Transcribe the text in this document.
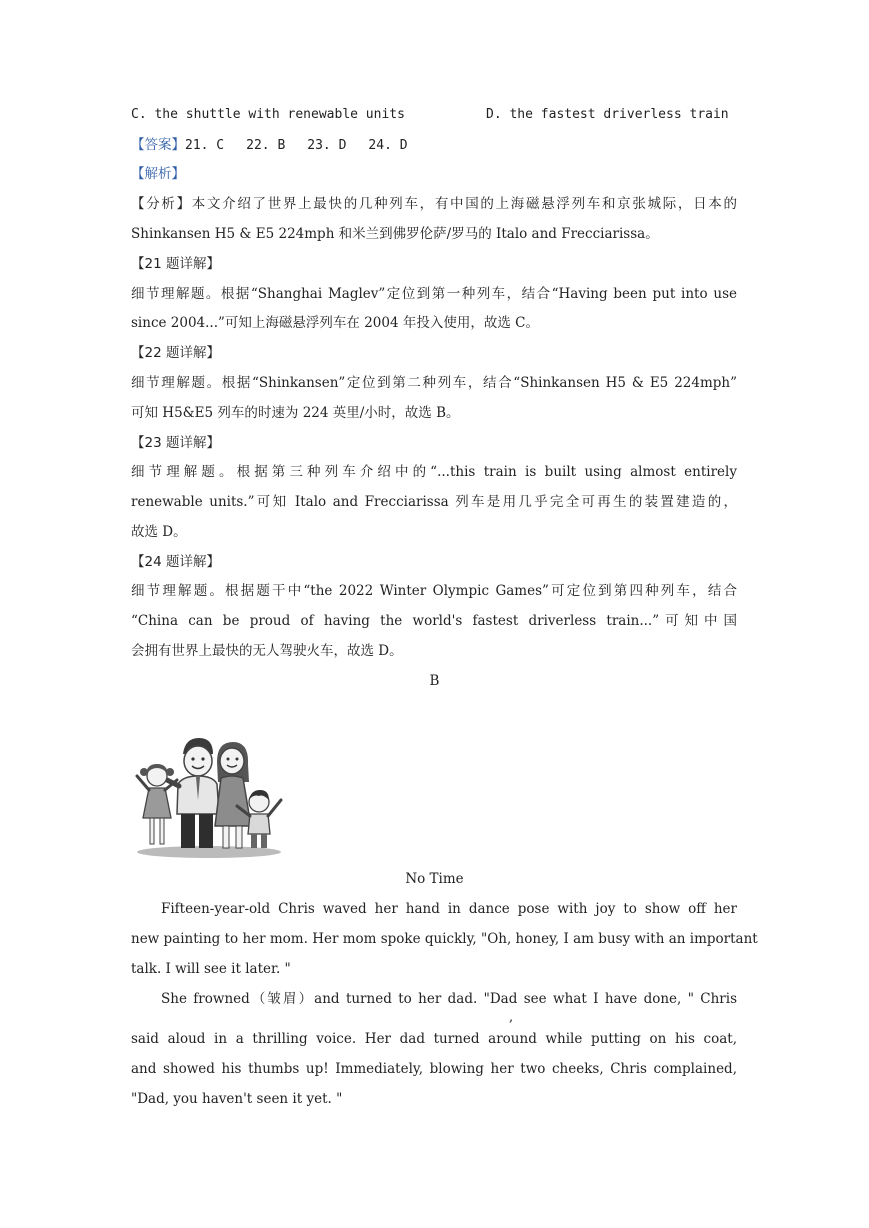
C. the shuttle with renewable units	D. the fastest driverless train
【答案】21. C 22. B 23. D 24. D
【解析】
【分析】本文介绍了世界上最快的几种列车，有中国的上海磁悬浮列车和京张城际，日本的
Shinkansen H5 & E5 224mph 和米兰到佛罗伦萨/罗马的 Italo and Frecciarissa。
【21 题详解】
细节理解题。根据“Shanghai Maglev”定位到第一种列车，结合“Having been put into use
since 2004...”可知上海磁悬浮列车在 2004 年投入使用，故选 C。
【22 题详解】
细节理解题。根据“Shinkansen”定位到第二种列车，结合“Shinkansen H5 & E5 224mph”
可知 H5&E5 列车的时速为 224 英里/小时，故选 B。
【23 题详解】
细节理解题。根据第三种列车介绍中的“...this train is built using almost entirely
renewable units.”可知 Italo and Frecciarissa 列车是用几乎完全可再生的装置建造的，
故选 D。
【24 题详解】
细节理解题。根据题干中“the 2022 Winter Olympic Games”可定位到第四种列车，结合
“China can be proud of having the world's fastest driverless train...”可知中国
会拥有世界上最快的无人驾驶火车，故选 D。
B
No Time
Fifteen-year-old Chris waved her hand in dance pose with joy to show off her
new painting to her mom. Her mom spoke quickly, "Oh, honey, I am busy with an important
talk. I will see it later. "
She frowned（皱眉）and turned to her dad. "Dad see what I have done, " Chris
,
said aloud in a thrilling voice. Her dad turned around while putting on his coat,
and showed his thumbs up! Immediately, blowing her two cheeks, Chris complained,
"Dad, you haven't seen it yet. "
